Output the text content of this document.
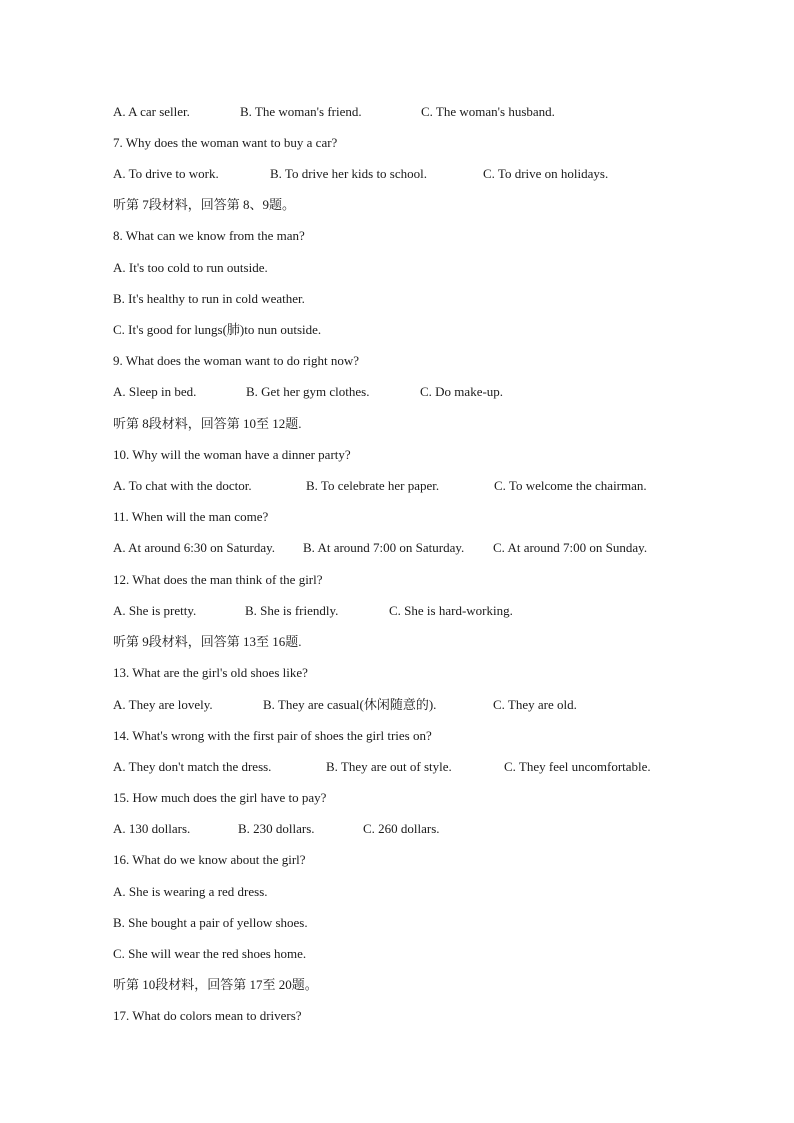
A. A car seller.	B. The woman's friend.	C. The woman's husband.
7. Why does the woman want to buy a car?
A. To drive to work.	B. To drive her kids to school.	C. To drive on holidays.
听第 7段材料，回答第 8、9题。
8. What can we know from the man?
A. It's too cold to run outside.
B. It's healthy to run in cold weather.
C. It's good for lungs(肺)to nun outside.
9. What does the woman want to do right now?
A. Sleep in bed.	B. Get her gym clothes.	C. Do make-up.
听第 8段材料，回答第 10至 12题.
10. Why will the woman have a dinner party?
A. To chat with the doctor.	B. To celebrate her paper.	C. To welcome the chairman.
11. When will the man come?
A. At around 6:30 on Saturday. B. At around 7:00 on Saturday. C. At around 7:00 on Sunday.
12. What does the man think of the girl?
A. She is pretty.	B. She is friendly.	C. She is hard-working.
听第 9段材料，回答第 13至 16题.
13. What are the girl's old shoes like?
A. They are lovely.	B. They are casual(休闲随意的).	C. They are old.
14. What's wrong with the first pair of shoes the girl tries on?
A. They don't match the dress.	B. They are out of style.	C. They feel uncomfortable.
15. How much does the girl have to pay?
A. 130 dollars.	B. 230 dollars.	C. 260 dollars.
16. What do we know about the girl?
A. She is wearing a red dress.
B. She bought a pair of yellow shoes.
C. She will wear the red shoes home.
听第 10段材料，回答第 17至 20题。
17. What do colors mean to drivers?
